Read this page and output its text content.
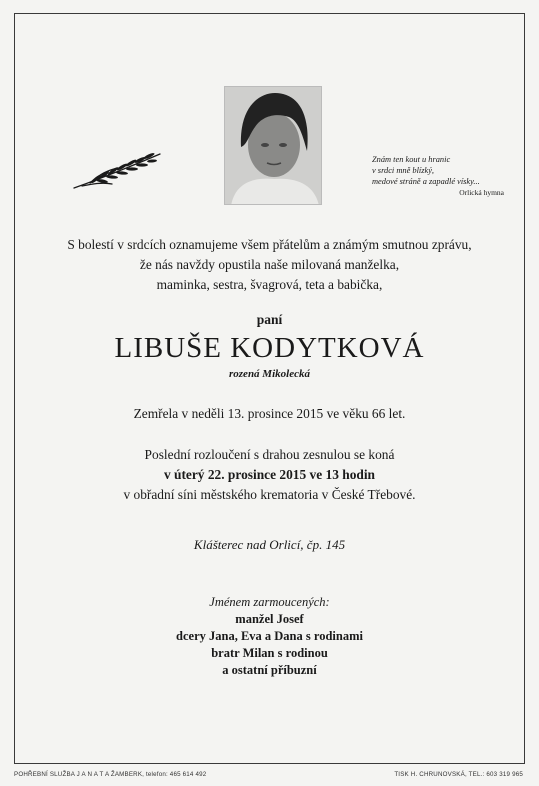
Znám ten kout u hranic
v srdci mně blízký,
medové stráně a zapadlé vísky...
Orlická hymna
S bolestí v srdcích oznamujeme všem přátelům a známým smutnou zprávu,
že nás navždy opustila naše milovaná manželka,
maminka, sestra, švagrová, teta a babička,
paní
LIBUŠE KODYTKOVÁ
rozená Mikolecká
Zemřela v neděli 13. prosince 2015 ve věku 66 let.
Poslední rozloučení s drahou zesnulou se koná
v úterý 22. prosince 2015 ve 13 hodin
v obřadní síni městského krematoria v České Třebové.
Klášterec nad Orlicí, čp. 145
Jménem zarmoucených:
manžel Josef
dcery Jana, Eva a Dana s rodinami
bratr Milan s rodinou
a ostatní příbuzní
POHŘEBNÍ SLUŽBA J A N A T A ŽAMBERK, telefon: 465 614 492	TISK H. CHRUNOVSKÁ, TEL.: 603 319 965
